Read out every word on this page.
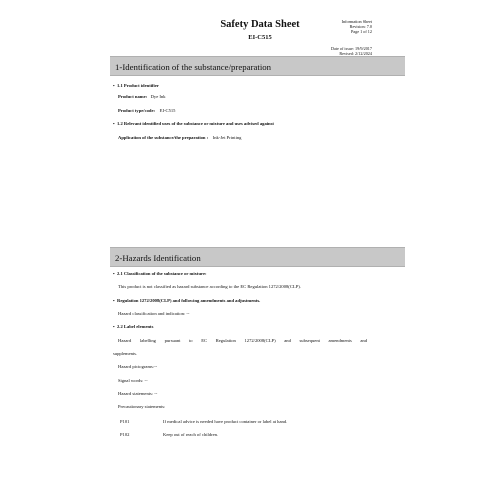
Safety Data Sheet
EI-C515
Information Sheet
Revision: 7.0
Page 1 of 12
Date of issue: 19/9/2017
Revised: 2/12/2024
1-Identification of the substance/preparation
• 1.1 Product identifier
Product name: Dye Ink
Product type/code: EI-C515
• 1.2 Relevant identified uses of the substance or mixture and uses advised against
Application of the substance/the preparation : Ink-Jet Printing
2-Hazards Identification
• 2.1 Classification of the substance or mixture:
This product is not classified as hazard substance according to the EC Regulation 1272/2008(CLP).
• Regulation 1272/2008(CLP) and following amendments and adjustments.
Hazard classification and indication: --
• 2.2 Label elements
Hazard labelling pursuant to EC Regulation 1272/2008(CLP) and subsequent amendments and
supplements.
Hazard pictograms:--
Signal words: --
Hazard statements: --
Precautionary statements:
P101	If medical advice is needed have product container or label at hand.
P102	Keep out of reach of children.
